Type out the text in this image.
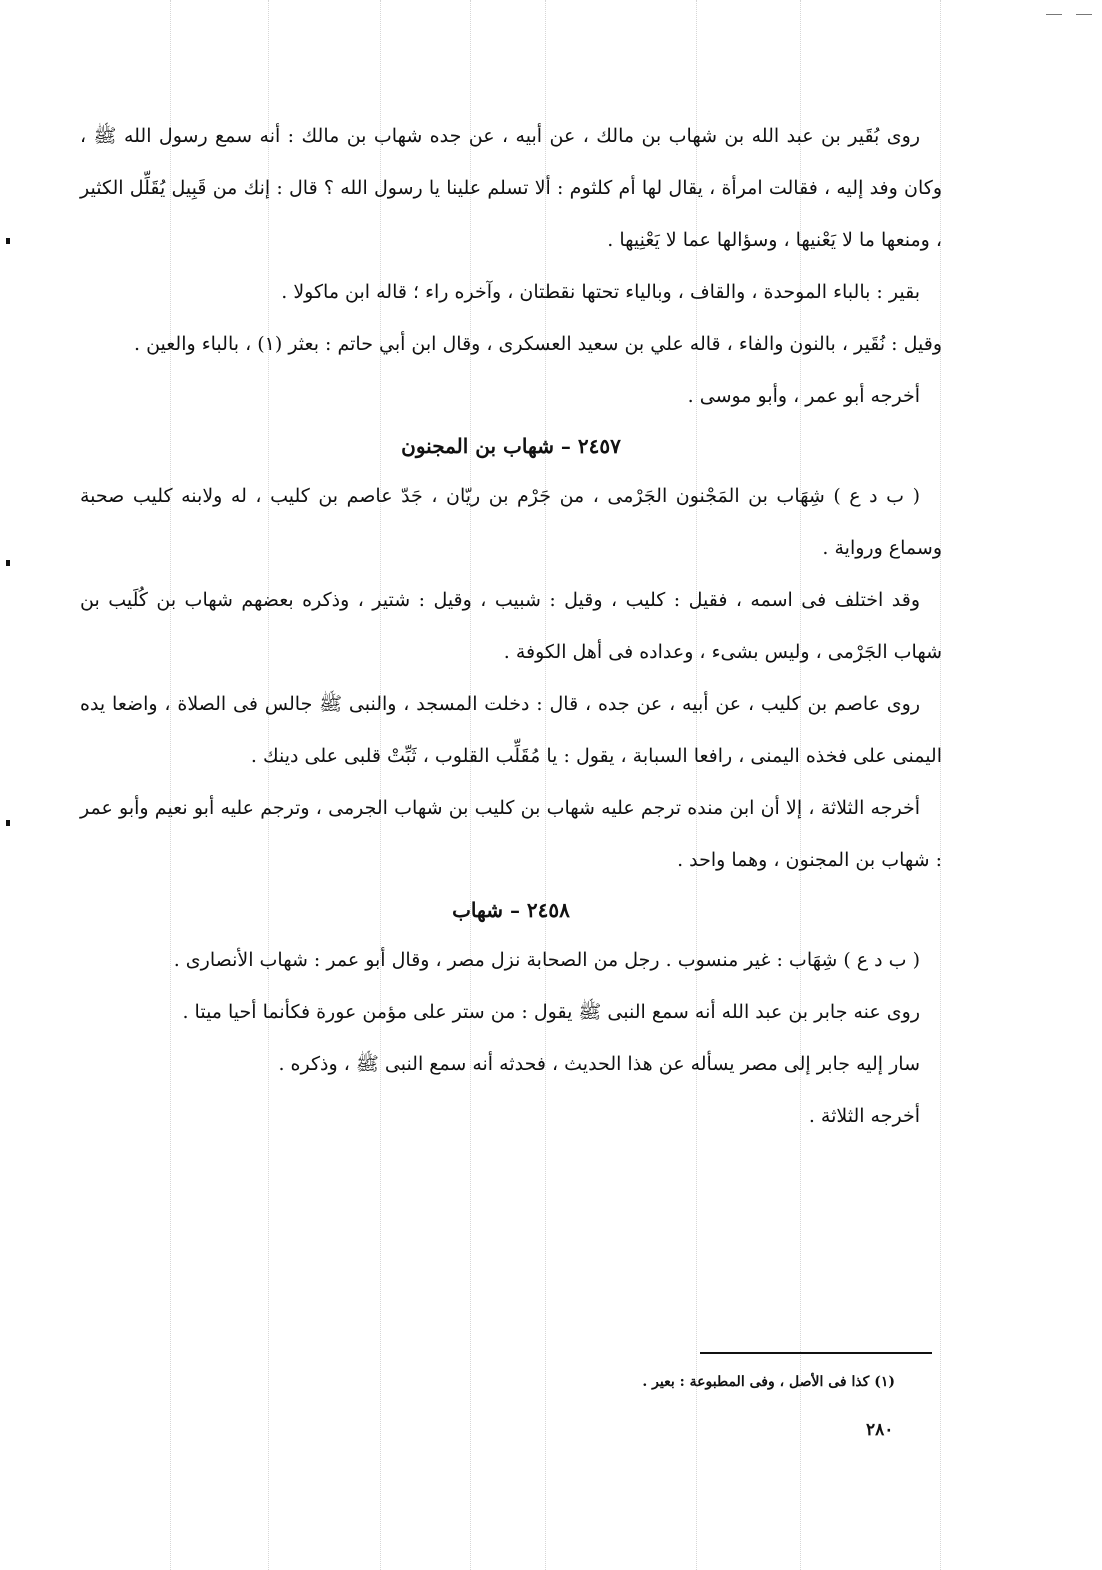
روى بُقَير بن عبد الله بن شهاب بن مالك ، عن أبيه ، عن جده شهاب بن مالك : أنه سمع رسول الله ﷺ ، وكان وفد إليه ، فقالت امرأة ، يقال لها أم كلثوم : ألا تسلم علينا يا رسول الله ؟ قال : إنك من قَبِيل يُقَلِّل الكثير ، ومنعها ما لا يَعْنيها ، وسؤالها عما لا يَعْنِيها .

بقير : بالباء الموحدة ، والقاف ، وبالياء تحتها نقطتان ، وآخره راء ؛ قاله ابن ماكولا .

وقيل : نُقَير ، بالنون والفاء ، قاله علي بن سعيد العسكرى ، وقال ابن أبي حاتم : بعثر (١) ، بالباء والعين .

أخرجه أبو عمر ، وأبو موسى .

٢٤٥٧ – شهاب بن المجنون

( ب د ع ) شِهَاب بن المَجْنون الجَرْمى ، من جَرْم بن ريّان ، جَدّ عاصم بن كليب ، له ولابنه كليب صحبة وسماع ورواية .

وقد اختلف فى اسمه ، فقيل : كليب ، وقيل : شبيب ، وقيل : شتير ، وذكره بعضهم شهاب بن كُلَيب بن شهاب الجَرْمى ، وليس بشىء ، وعداده فى أهل الكوفة .

روى عاصم بن كليب ، عن أبيه ، عن جده ، قال : دخلت المسجد ، والنبى ﷺ جالس فى الصلاة ، واضعا يده اليمنى على فخذه اليمنى ، رافعا السبابة ، يقول : يا مُقَلِّب القلوب ، ثَبِّتْ قلبى على دينك .

أخرجه الثلاثة ، إلا أن ابن منده ترجم عليه شهاب بن كليب بن شهاب الجرمى ، وترجم عليه أبو نعيم وأبو عمر : شهاب بن المجنون ، وهما واحد .

٢٤٥٨ – شهاب

( ب د ع ) شِهَاب : غير منسوب . رجل من الصحابة نزل مصر ، وقال أبو عمر : شهاب الأنصارى .

روى عنه جابر بن عبد الله أنه سمع النبى ﷺ يقول : من ستر على مؤمن عورة فكأنما أحيا ميتا .

سار إليه جابر إلى مصر يسأله عن هذا الحديث ، فحدثه أنه سمع النبى ﷺ ، وذكره .

أخرجه الثلاثة .

(١) كذا فى الأصل ، وفى المطبوعة : بعير .
٢٨٠
